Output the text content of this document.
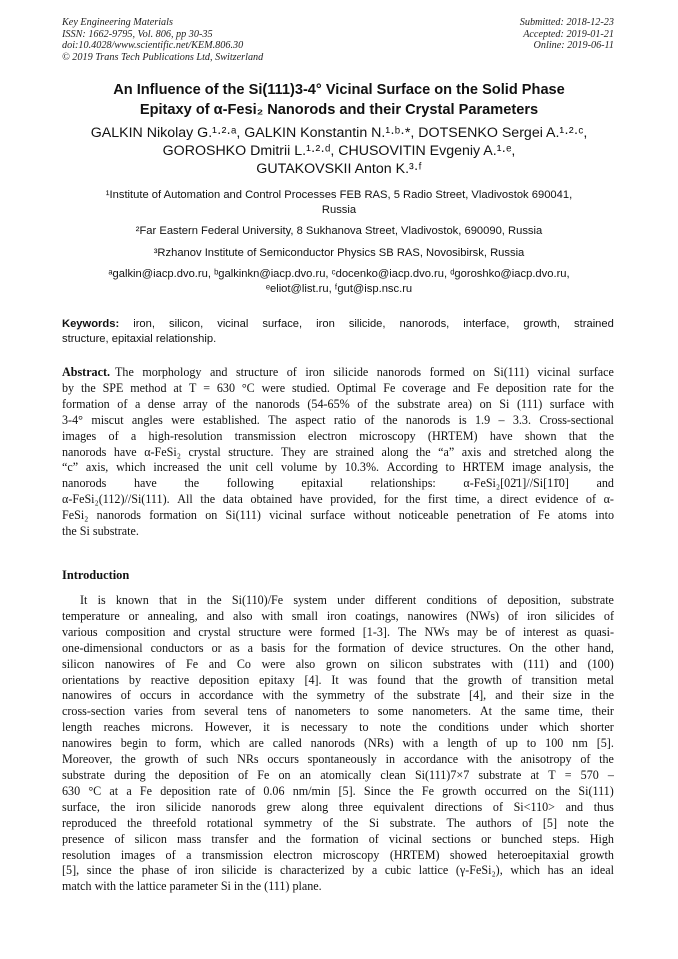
Key Engineering Materials
ISSN: 1662-9795, Vol. 806, pp 30-35
doi:10.4028/www.scientific.net/KEM.806.30
© 2019 Trans Tech Publications Ltd, Switzerland
Submitted: 2018-12-23
Accepted: 2019-01-21
Online: 2019-06-11
An Influence of the Si(111)3-4° Vicinal Surface on the Solid Phase
Epitaxy of α-Fesi₂ Nanorods and their Crystal Parameters
GALKIN Nikolay G.¹·²·ᵃ, GALKIN Konstantin N.¹·ᵇ·*, DOTSENKO Sergei A.¹·²·ᶜ,
GOROSHKO Dmitrii L.¹·²·ᵈ, CHUSOVITIN Evgeniy A.¹·ᵉ,
GUTAKOVSKII Anton K.³·ᶠ
¹Institute of Automation and Control Processes FEB RAS, 5 Radio Street, Vladivostok 690041,
Russia
²Far Eastern Federal University, 8 Sukhanova Street, Vladivostok, 690090, Russia
³Rzhanov Institute of Semiconductor Physics SB RAS, Novosibirsk, Russia
ᵃgalkin@iacp.dvo.ru, ᵇgalkinkn@iacp.dvo.ru, ᶜdocenko@iacp.dvo.ru, ᵈgoroshko@iacp.dvo.ru,
ᵉeliot@list.ru, ᶠgut@isp.nsc.ru
Keywords: iron, silicon, vicinal surface, iron silicide, nanorods, interface, growth, strained
structure, epitaxial relationship.
Abstract. The morphology and structure of iron silicide nanorods formed on Si(111) vicinal surface
by the SPE method at T = 630 °C were studied. Optimal Fe coverage and Fe deposition rate for the
formation of a dense array of the nanorods (54-65% of the substrate area) on Si (111) surface with
3-4° miscut angles were established. The aspect ratio of the nanorods is 1.9 – 3.3. Cross-sectional
images of a high-resolution transmission electron microscopy (HRTEM) have shown that the
nanorods have α-FeSi₂ crystal structure. They are strained along the “a” axis and stretched along the
“c” axis, which increased the unit cell volume by 10.3%. According to HRTEM image analysis, the
nanorods have the following epitaxial relationships: α-FeSi₂[02̄1]//Si[11̄0] and
α-FeSi₂(112)//Si(111). All the data obtained have provided, for the first time, a direct evidence of α-
FeSi₂ nanorods formation on Si(111) vicinal surface without noticeable penetration of Fe atoms into
the Si substrate.
Introduction
It is known that in the Si(110)/Fe system under different conditions of deposition, substrate
temperature or annealing, and also with small iron coatings, nanowires (NWs) of iron silicides of
various composition and crystal structure were formed [1-3]. The NWs may be of interest as quasi-
one-dimensional conductors or as a basis for the formation of device structures. On the other hand,
silicon nanowires of Fe and Co were also grown on silicon substrates with (111) and (100)
orientations by reactive deposition epitaxy [4]. It was found that the growth of transition metal
nanowires of occurs in accordance with the symmetry of the substrate [4], and their size in the
cross-section varies from several tens of nanometers to some nanometers. At the same time, their
length reaches microns. However, it is necessary to note the conditions under which shorter
nanowires begin to form, which are called nanorods (NRs) with a length of up to 100 nm [5].
Moreover, the growth of such NRs occurs spontaneously in accordance with the anisotropy of the
substrate during the deposition of Fe on an atomically clean Si(111)7×7 substrate at T = 570 –
630 °C at a Fe deposition rate of 0.06 nm/min [5]. Since the Fe growth occurred on the Si(111)
surface, the iron silicide nanorods grew along three equivalent directions of Si<110> and thus
reproduced the threefold rotational symmetry of the Si substrate. The authors of [5] note the
presence of silicon mass transfer and the formation of vicinal sections or bunched steps. High
resolution images of a transmission electron microscopy (HRTEM) showed heteroepitaxial growth
[5], since the phase of iron silicide is characterized by a cubic lattice (γ-FeSi₂), which has an ideal
match with the lattice parameter Si in the (111) plane.
